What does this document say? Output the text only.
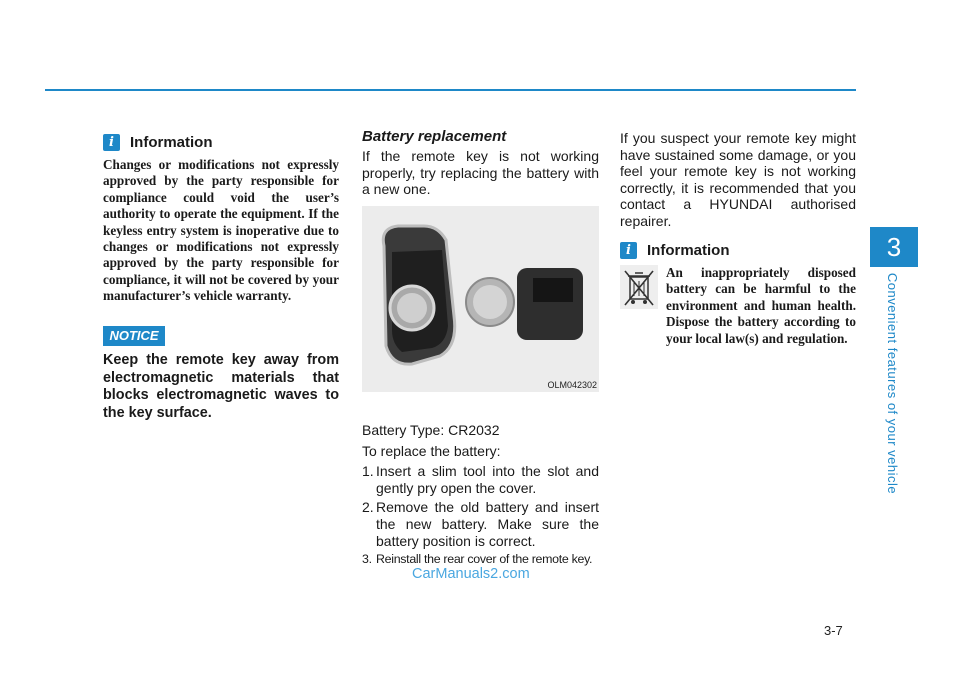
3
Convenient features of your vehicle
i	Information

Changes or modifications not expressly approved by the party responsible for compliance could void the user’s authority to operate the equipment. If the keyless entry system is inoperative due to changes or modifications not expressly approved by the party responsible for compliance, it will not be covered by your manufacturer’s vehicle warranty.

NOTICE

Keep the remote key away from electromagnetic materials that blocks electromagnetic waves to the key surface.

Battery replacement

If the remote key is not working properly, try replacing the battery with a new one.

OLM042302

Battery Type: CR2032

To replace the battery:

1. Insert a slim tool into the slot and gently pry open the cover.
2. Remove the old battery and insert the new battery. Make sure the battery position is correct.
3. Reinstall the rear cover of the remote key.

If you suspect your remote key might have sustained some damage, or you feel your remote key is not working correctly, it is recommended that you contact a HYUNDAI authorised repairer.

i	Information

An inappropriately disposed battery can be harmful to the environment and human health. Dispose the battery according to your local law(s) and regulation.

CarManuals2.com
3-7
